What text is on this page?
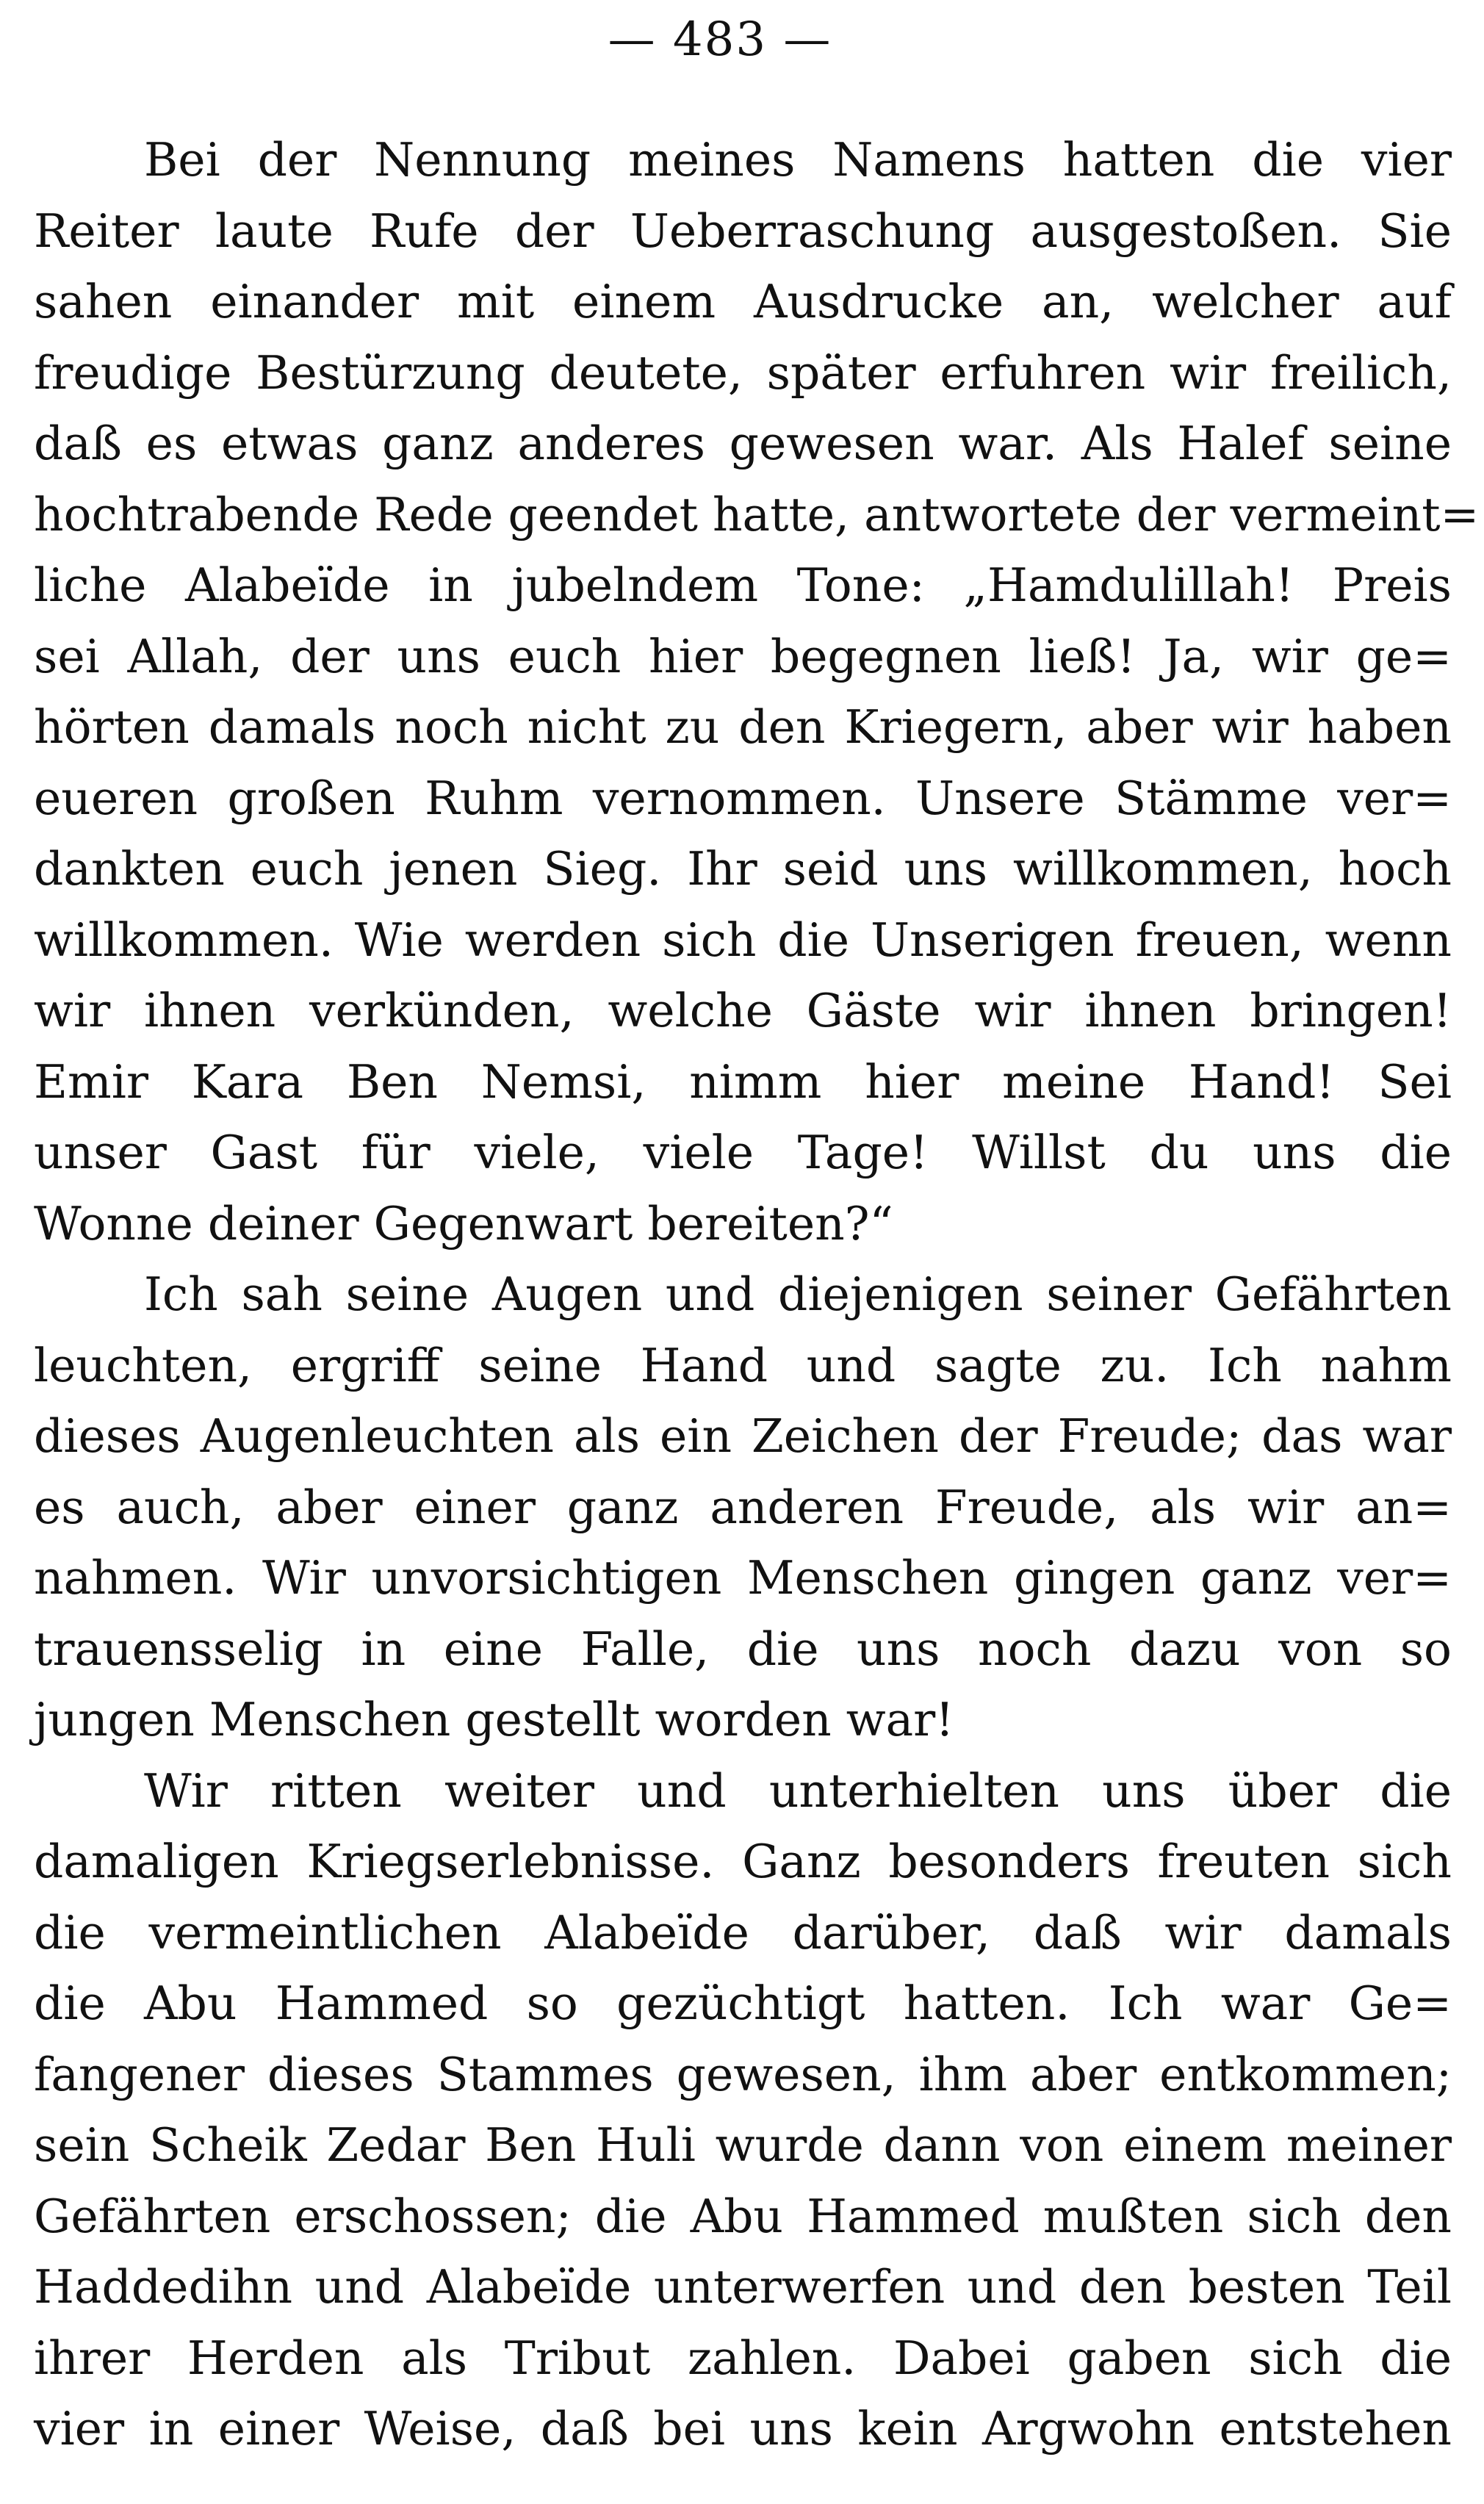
— 483 —
Bei der Nennung meines Namens hatten die vier
Reiter laute Rufe der Ueberraschung ausgestoßen. Sie
sahen einander mit einem Ausdrucke an, welcher auf
freudige Bestürzung deutete, später erfuhren wir freilich,
daß es etwas ganz anderes gewesen war. Als Halef seine
hochtrabende Rede geendet hatte, antwortete der vermeint=
liche Alabeïde in jubelndem Tone: „Hamdulillah! Preis
sei Allah, der uns euch hier begegnen ließ! Ja, wir ge=
hörten damals noch nicht zu den Kriegern, aber wir haben
eueren großen Ruhm vernommen. Unsere Stämme ver=
dankten euch jenen Sieg. Ihr seid uns willkommen, hoch
willkommen. Wie werden sich die Unserigen freuen, wenn
wir ihnen verkünden, welche Gäste wir ihnen bringen!
Emir Kara Ben Nemsi, nimm hier meine Hand! Sei
unser Gast für viele, viele Tage! Willst du uns die
Wonne deiner Gegenwart bereiten?“
Ich sah seine Augen und diejenigen seiner Gefährten
leuchten, ergriff seine Hand und sagte zu. Ich nahm
dieses Augenleuchten als ein Zeichen der Freude; das war
es auch, aber einer ganz anderen Freude, als wir an=
nahmen. Wir unvorsichtigen Menschen gingen ganz ver=
trauensselig in eine Falle, die uns noch dazu von so
jungen Menschen gestellt worden war!
Wir ritten weiter und unterhielten uns über die
damaligen Kriegserlebnisse. Ganz besonders freuten sich
die vermeintlichen Alabeïde darüber, daß wir damals
die Abu Hammed so gezüchtigt hatten. Ich war Ge=
fangener dieses Stammes gewesen, ihm aber entkommen;
sein Scheik Zedar Ben Huli wurde dann von einem meiner
Gefährten erschossen; die Abu Hammed mußten sich den
Haddedihn und Alabeïde unterwerfen und den besten Teil
ihrer Herden als Tribut zahlen. Dabei gaben sich die
vier in einer Weise, daß bei uns kein Argwohn entstehen
